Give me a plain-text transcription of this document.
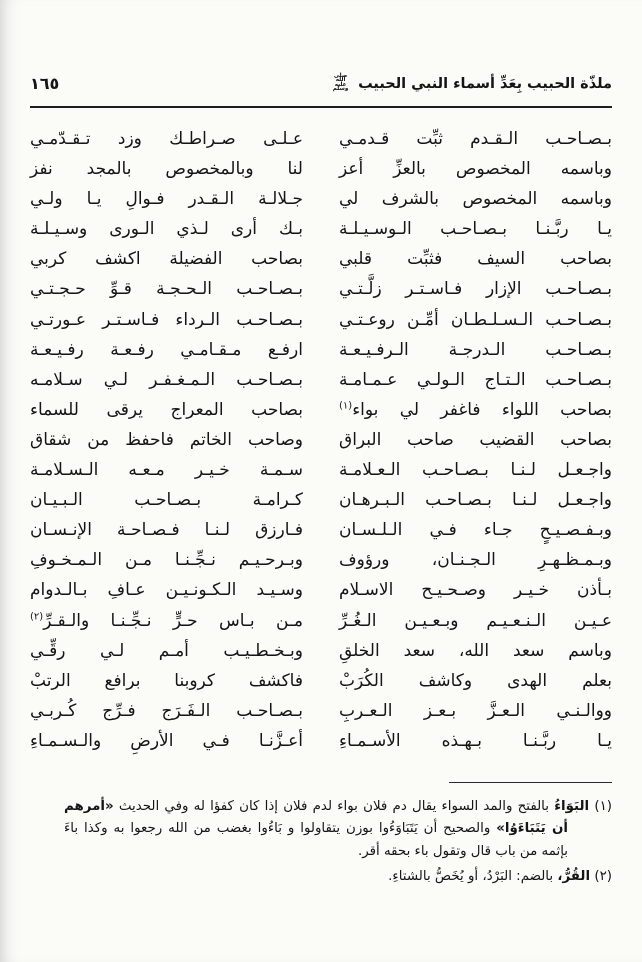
ملذّة الحبيب بِعَدِّ أسماء النبي الحبيب
صلى الله عليه وسلم
١٦٥
بـصـاحـب الـقـدم ثبِّت قـدمـي
عـلـى صـراطـك وزد تـقـدّمـي
وباسمه المخصوص بالعزِّ أعز
لنا وبالمخصوص بالمجد نفز
وباسمه المخصوص بالشرف لي
جـلالـة الـقـدر فـوالِ يـا ولـي
يـا ربَّـنـا بـصـاحـب الـوسـيـلـة
بـك أرى لـذي الـورى وسـيـلـة
بصاحب السيف فثبِّت قلبي
بصاحب الفضيلة اكشف كربي
بـصـاحـب الإزار فـاسـتـر زلَّـتـي
بـصـاحـب الـحـجـة قـوِّ حـجـتـي
بـصـاحـب الـسـلـطـان أمِّـن روعـتـي
بـصـاحـب الـرداء فـاسـتـر عـورتـي
بـصـاحـب الـدرجـة الـرفـيـعـة
ارفـع مـقـامـي رفـعـة رفـيـعـة
بـصـاحـب الـتـاج الـولـي عـمـامـة
بـصـاحـب الـمـغـفـر لـي سـلامـه
بصاحب اللواء فاغفر لي بواء$^{(١)}$
بصاحب المعراج يرقى للسماء
بصاحب القضيب صاحب البراق
وصاحب الخاتم فاحفظ من شقاق
واجـعـل لـنـا بـصـاحـب الـعـلامـة
سـمـة خـيـر مـعـه الـسـلامـة
واجـعـل لـنـا بـصـاحـب الـبـرهـان
كـرامـة بـصـاحـب الـبـيـان
وبـفـصـيـحٍ جـاء فـي الـلـسـان
فـارزق لـنـا فـصـاحـة الإنـسـان
وبـمـظـهـرِ الـجـنـان، ورؤوف
وبـرحـيـم نـجِّـنـا مـن الـمـخـوفِ
بـأذن خـيـر وصـحـيـح الاسـلام
وسـيـد الـكـونـيـن عـافِ بـالـدوام
عـيـن الـنـعـيـم وبـعـيـن الـغُـرِّ
مـن بـاس حـرٍّ نـجِّـنـا والـقـرِّ$^{(٢)}$
وباسم سعد الله، سعد الخلقِ
وبـخـطـيـب أمـم لـي رقِّـي
بعلم الهدى وكاشف الكُرَبْ
فاكشف كروبنا برافع الرتبْ
ووالـنـي الـعـزَّ بـعـز الـعـربِ
بـصـاحـب الـفَـرَج فـرِّج كُـربـي
يـا ربَّـنـا بـهـذه الأسـمـاءِ
أعـزَّنـا فـي الأرضِ والـسـمـاءِ

(١) البَوَاءُ بالفتح والمد السواء يقال دم فلان بواء لدم فلان إذا كان كفؤا له وفي الحديث «أمرهم أن يَتَبَاءَوُا» والصحيح أن يَتَبَاوَءُوا بوزن يتقاولوا و بَاءُوا بغضب من الله رجعوا به وكذا باءَ بإثمه من باب قال وتقول باء بحقه أقر.

(٢) القُرُّ، بالضم: البَرْدُ، أو يُخَصُّ بالشتاءِ.
